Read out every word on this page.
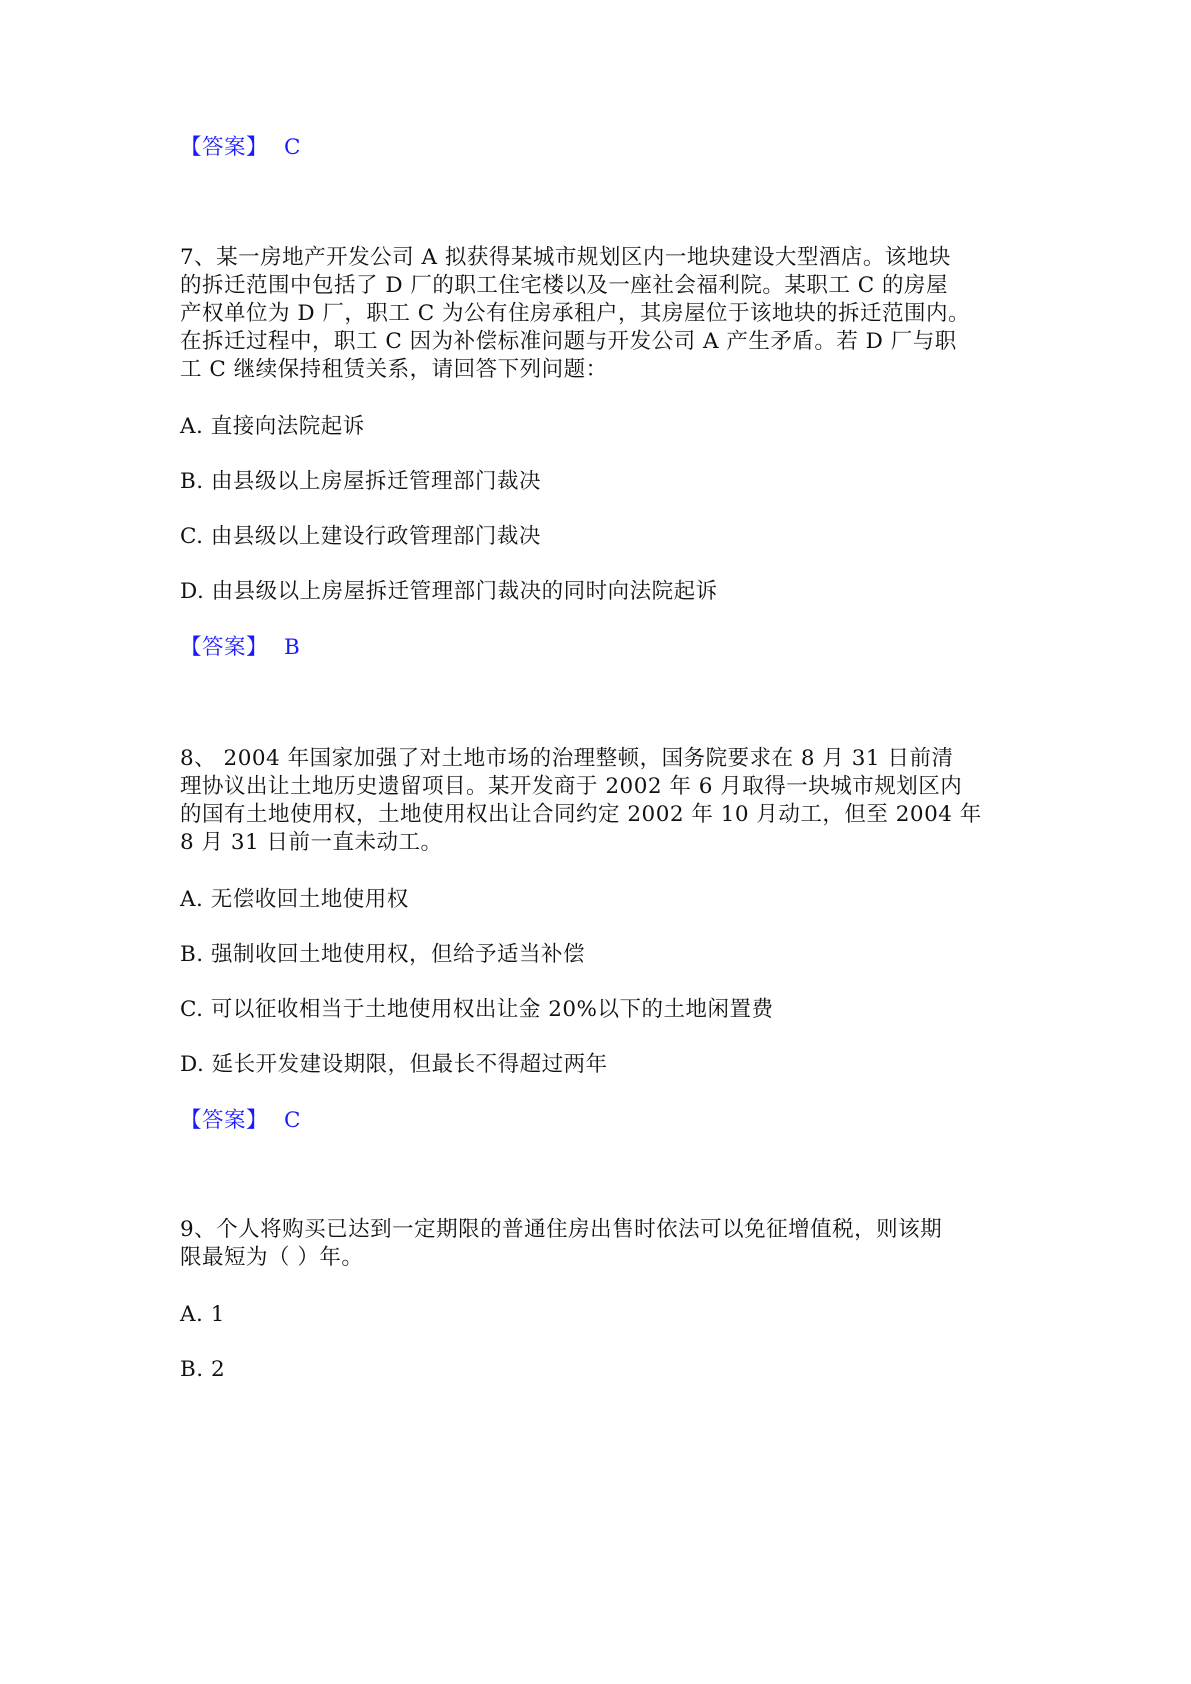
【答案】 C
7、某一房地产开发公司 A 拟获得某城市规划区内一地块建设大型酒店。该地块
的拆迁范围中包括了 D 厂的职工住宅楼以及一座社会福利院。某职工 C 的房屋
产权单位为 D 厂，职工 C 为公有住房承租户，其房屋位于该地块的拆迁范围内。
在拆迁过程中，职工 C 因为补偿标准问题与开发公司 A 产生矛盾。若 D 厂与职
工 C 继续保持租赁关系，请回答下列问题：
A. 直接向法院起诉
B. 由县级以上房屋拆迁管理部门裁决
C. 由县级以上建设行政管理部门裁决
D. 由县级以上房屋拆迁管理部门裁决的同时向法院起诉
【答案】 B
8、 2004 年国家加强了对土地市场的治理整顿，国务院要求在 8 月 31 日前清
理协议出让土地历史遗留项目。某开发商于 2002 年 6 月取得一块城市规划区内
的国有土地使用权，土地使用权出让合同约定 2002 年 10 月动工，但至 2004 年
8 月 31 日前一直未动工。
A. 无偿收回土地使用权
B. 强制收回土地使用权，但给予适当补偿
C. 可以征收相当于土地使用权出让金 20%以下的土地闲置费
D. 延长开发建设期限，但最长不得超过两年
【答案】 C
9、个人将购买已达到一定期限的普通住房出售时依法可以免征增值税，则该期
限最短为（ ）年。
A. 1
B. 2
